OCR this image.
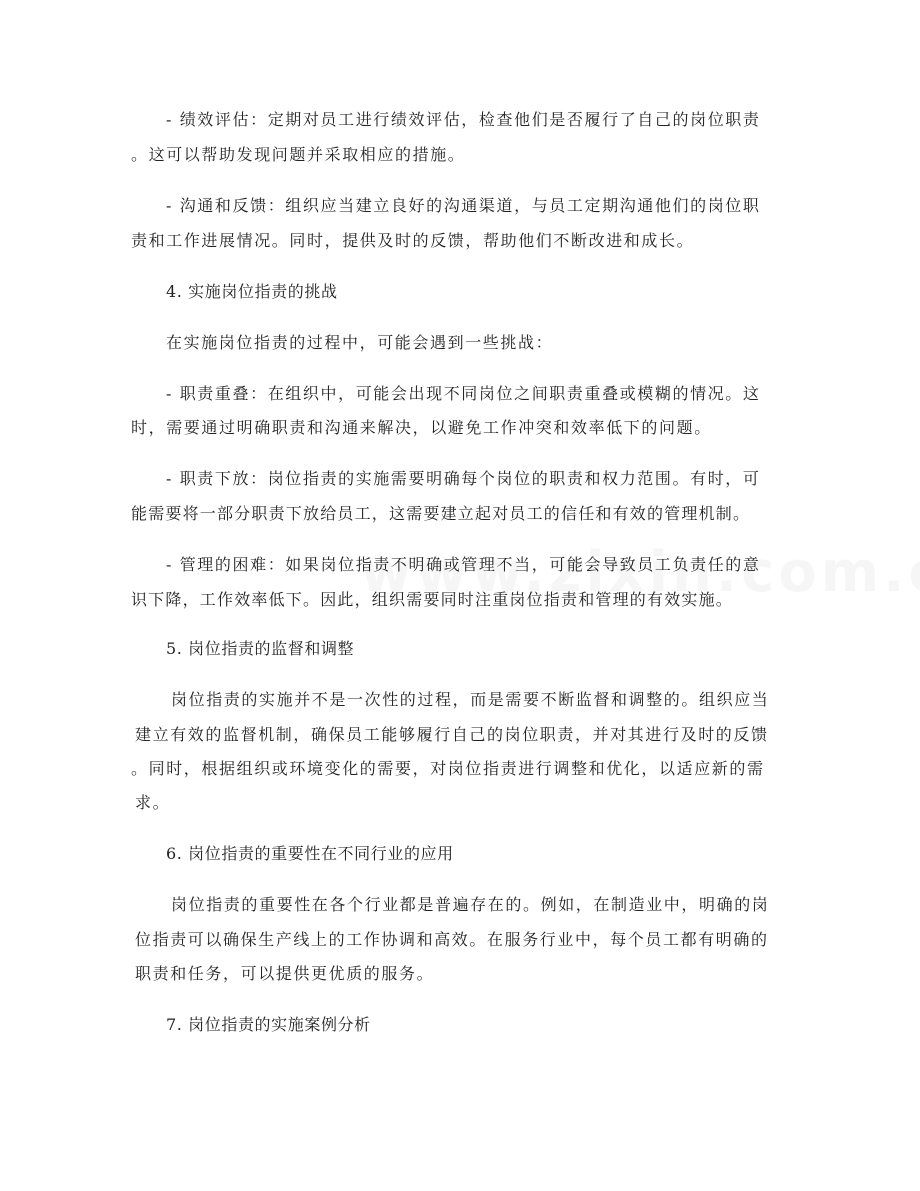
- 绩效评估：定期对员工进行绩效评估，检查他们是否履行了自己的岗位职责
。这可以帮助发现问题并采取相应的措施。
- 沟通和反馈：组织应当建立良好的沟通渠道，与员工定期沟通他们的岗位职
责和工作进展情况。同时，提供及时的反馈，帮助他们不断改进和成长。
4. 实施岗位指责的挑战
在实施岗位指责的过程中，可能会遇到一些挑战：
- 职责重叠：在组织中，可能会出现不同岗位之间职责重叠或模糊的情况。这
时，需要通过明确职责和沟通来解决，以避免工作冲突和效率低下的问题。
- 职责下放：岗位指责的实施需要明确每个岗位的职责和权力范围。有时，可
能需要将一部分职责下放给员工，这需要建立起对员工的信任和有效的管理机制。
- 管理的困难：如果岗位指责不明确或管理不当，可能会导致员工负责任的意
识下降，工作效率低下。因此，组织需要同时注重岗位指责和管理的有效实施。
5. 岗位指责的监督和调整
岗位指责的实施并不是一次性的过程，而是需要不断监督和调整的。组织应当
建立有效的监督机制，确保员工能够履行自己的岗位职责，并对其进行及时的反馈
。同时，根据组织或环境变化的需要，对岗位指责进行调整和优化，以适应新的需
求。
6. 岗位指责的重要性在不同行业的应用
岗位指责的重要性在各个行业都是普遍存在的。例如，在制造业中，明确的岗
位指责可以确保生产线上的工作协调和高效。在服务行业中，每个员工都有明确的
职责和任务，可以提供更优质的服务。
7. 岗位指责的实施案例分析
